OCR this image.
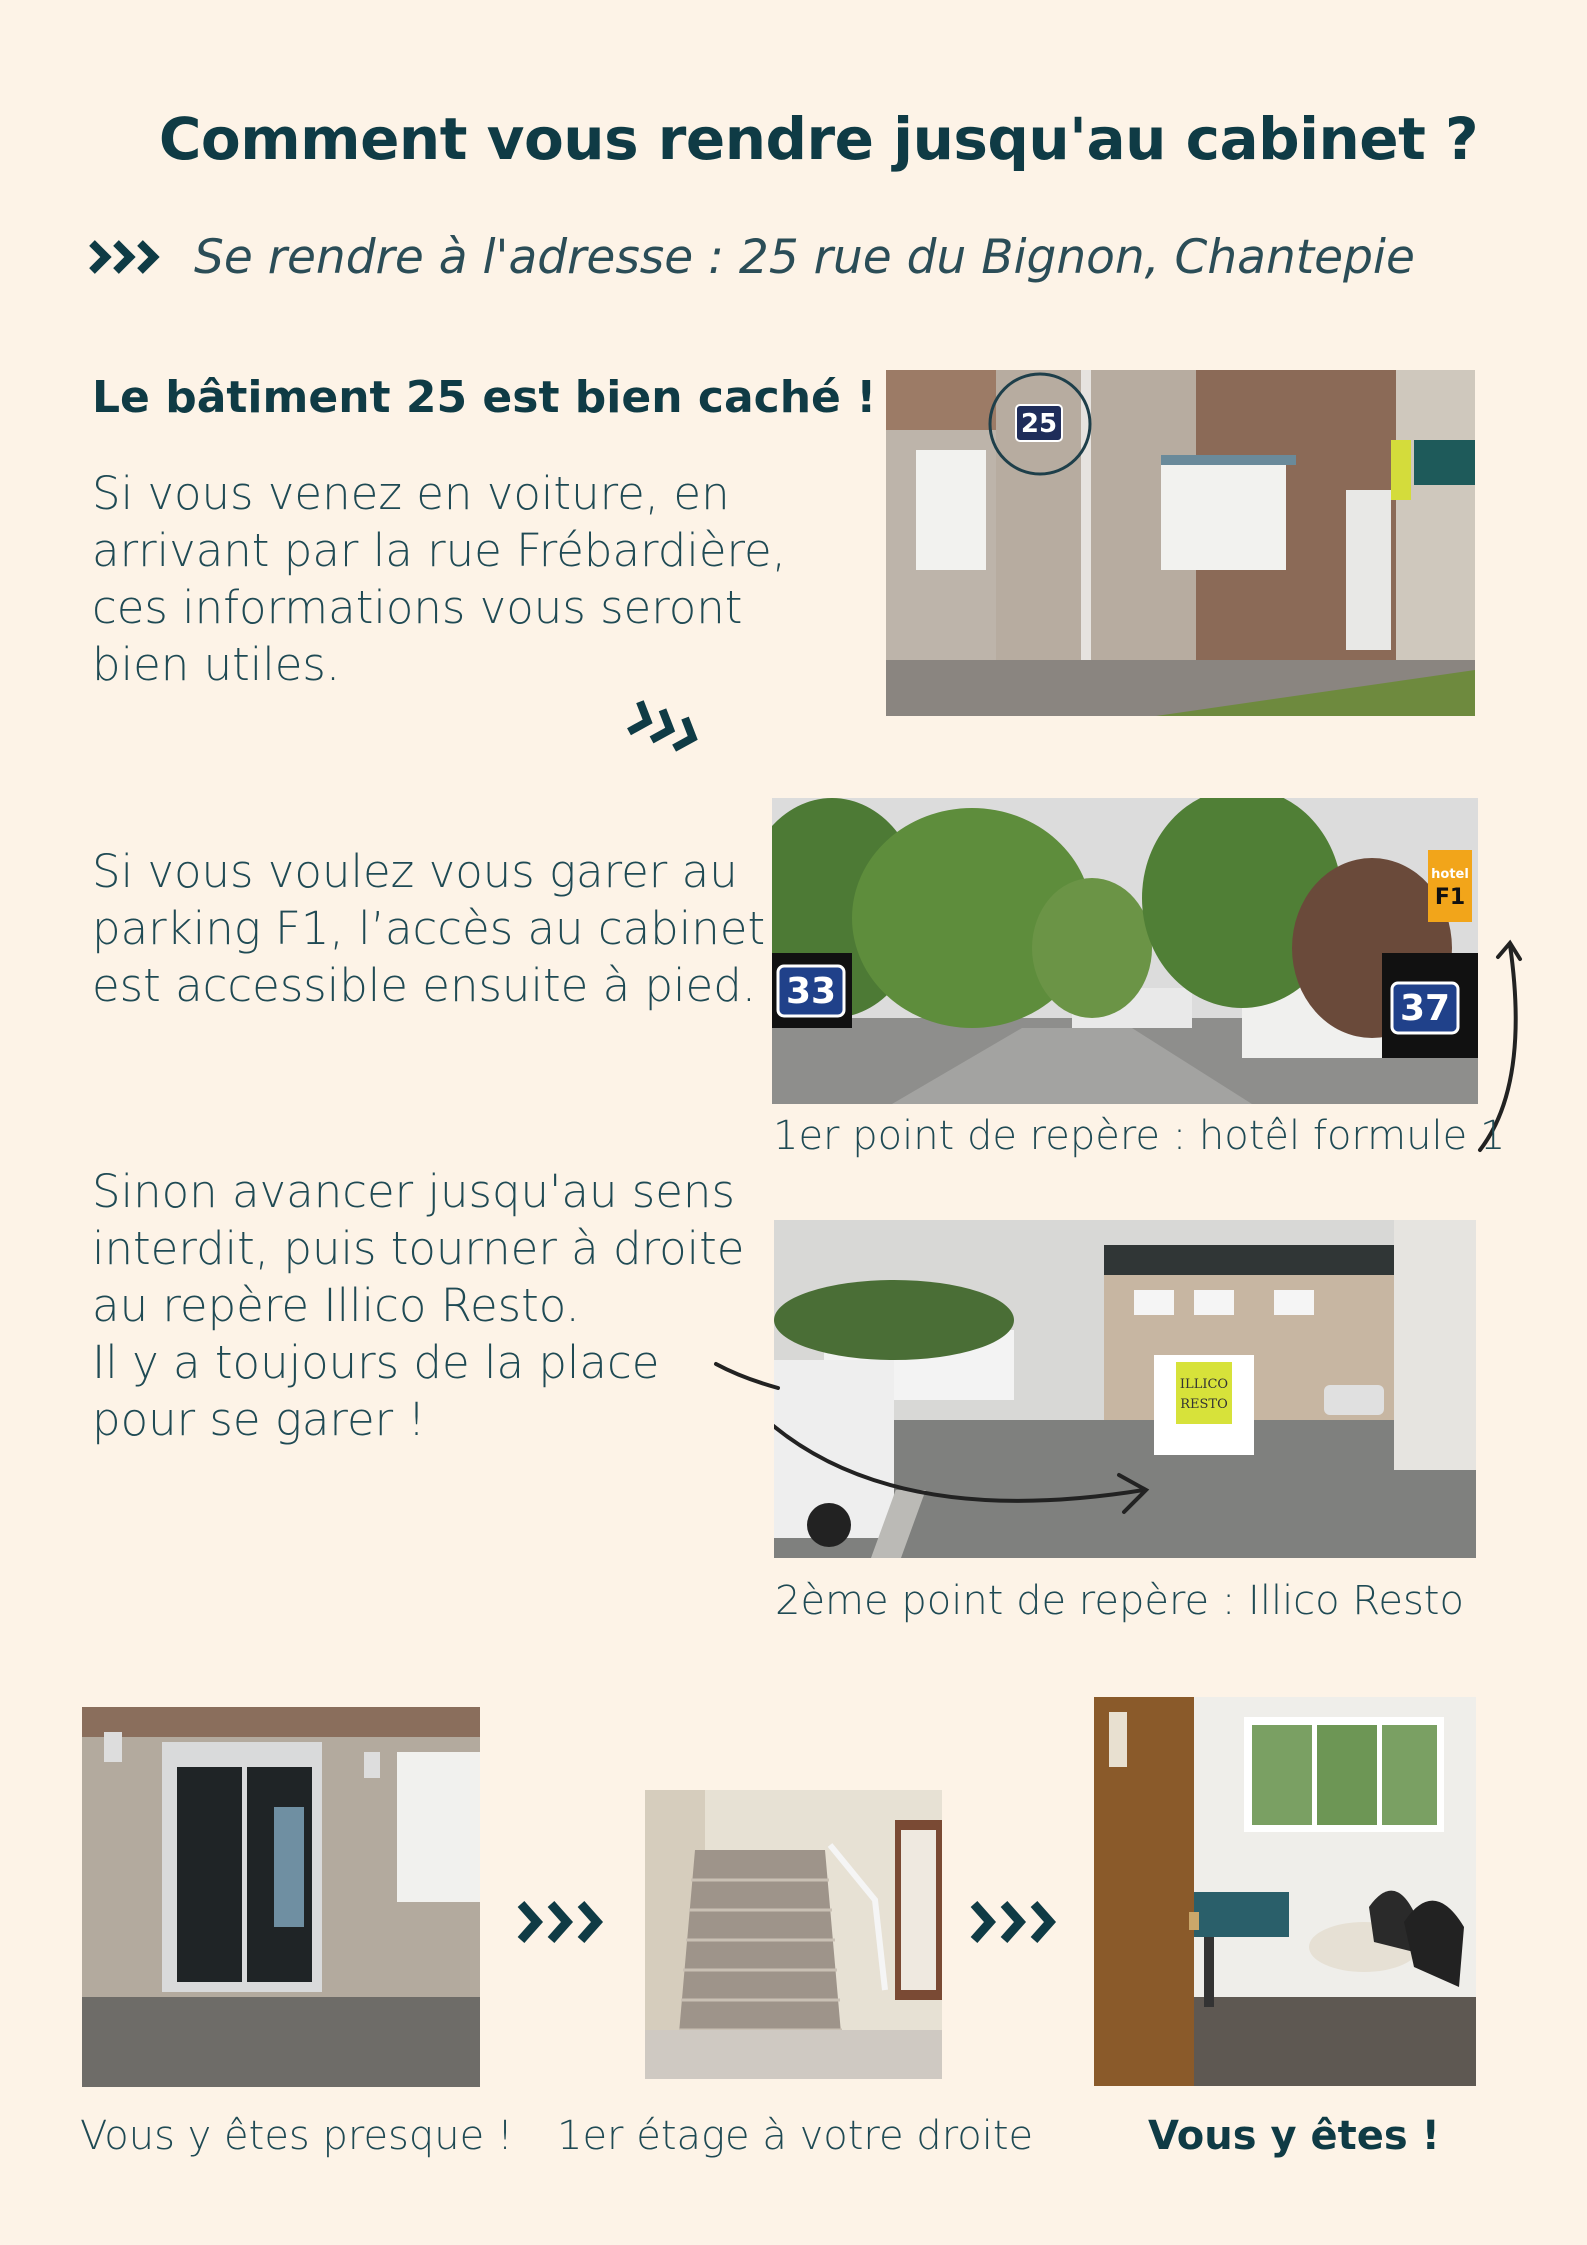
Comment vous rendre jusqu'au cabinet ?
Se rendre à l'adresse : 25 rue du Bignon, Chantepie
Le bâtiment 25 est bien caché !
Si vous venez en voiture, en
arrivant par la rue Frébardière,
ces informations vous seront
bien utiles.
25
Si vous voulez vous garer au
parking F1, l’accès au cabinet
est accessible ensuite à pied. 33	37
hotel
F1
1er point de repère : hotêl formule 1
Sinon avancer jusqu'au sens
interdit, puis tourner à droite
au repère Illico Resto.
Il y a toujours de la place
pour se garer !
ILLICO
RESTO
2ème point de repère : Illico Resto
Vous y êtes presque ! 1er étage à votre droite	Vous y êtes !
